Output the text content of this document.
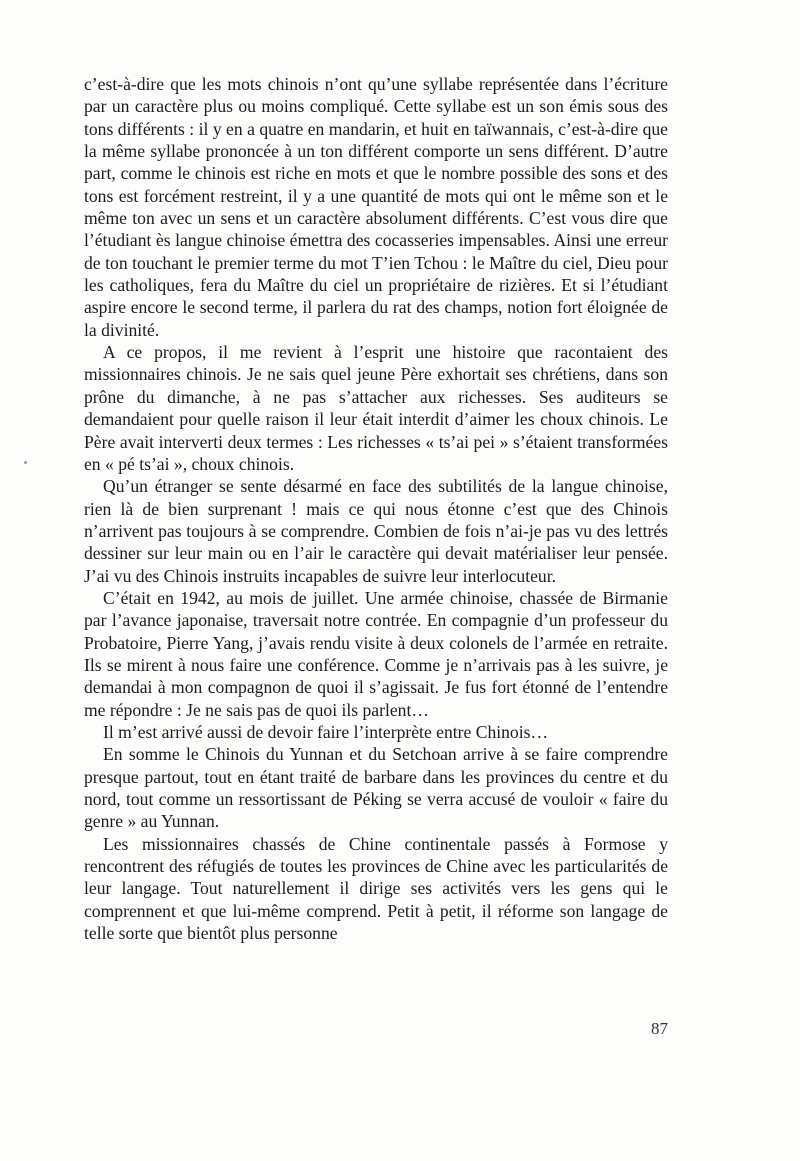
c’est-à-dire que les mots chinois n’ont qu’une syllabe représentée dans l’écriture par un caractère plus ou moins compliqué. Cette syllabe est un son émis sous des tons différents : il y en a quatre en mandarin, et huit en taïwannais, c’est-à-dire que la même syllabe prononcée à un ton différent comporte un sens différent. D’autre part, comme le chinois est riche en mots et que le nombre possible des sons et des tons est forcément restreint, il y a une quantité de mots qui ont le même son et le même ton avec un sens et un caractère absolument différents. C’est vous dire que l’étudiant ès langue chinoise émettra des cocasseries impensables. Ainsi une erreur de ton touchant le premier terme du mot T’ien Tchou : le Maître du ciel, Dieu pour les catholiques, fera du Maître du ciel un propriétaire de rizières. Et si l’étudiant aspire encore le second terme, il parlera du rat des champs, notion fort éloignée de la divinité.

A ce propos, il me revient à l’esprit une histoire que racontaient des missionnaires chinois. Je ne sais quel jeune Père exhortait ses chrétiens, dans son prône du dimanche, à ne pas s’attacher aux richesses. Ses auditeurs se demandaient pour quelle raison il leur était interdit d’aimer les choux chinois. Le Père avait interverti deux termes : Les richesses « ts’ai pei » s’étaient transformées en « pé ts’ai », choux chinois.

Qu’un étranger se sente désarmé en face des subtilités de la langue chinoise, rien là de bien surprenant ! mais ce qui nous étonne c’est que des Chinois n’arrivent pas toujours à se comprendre. Combien de fois n’ai-je pas vu des lettrés dessiner sur leur main ou en l’air le caractère qui devait matérialiser leur pensée. J’ai vu des Chinois instruits incapables de suivre leur interlocuteur.

C’était en 1942, au mois de juillet. Une armée chinoise, chassée de Birmanie par l’avance japonaise, traversait notre contrée. En compagnie d’un professeur du Probatoire, Pierre Yang, j’avais rendu visite à deux colonels de l’armée en retraite. Ils se mirent à nous faire une conférence. Comme je n’arrivais pas à les suivre, je demandai à mon compagnon de quoi il s’agissait. Je fus fort étonné de l’entendre me répondre : Je ne sais pas de quoi ils parlent…

Il m’est arrivé aussi de devoir faire l’interprète entre Chinois…

En somme le Chinois du Yunnan et du Setchoan arrive à se faire comprendre presque partout, tout en étant traité de barbare dans les provinces du centre et du nord, tout comme un ressortissant de Péking se verra accusé de vouloir « faire du genre » au Yunnan.

Les missionnaires chassés de Chine continentale passés à Formose y rencontrent des réfugiés de toutes les provinces de Chine avec les particularités de leur langage. Tout naturellement il dirige ses activités vers les gens qui le comprennent et que lui-même comprend. Petit à petit, il réforme son langage de telle sorte que bientôt plus personne

87
